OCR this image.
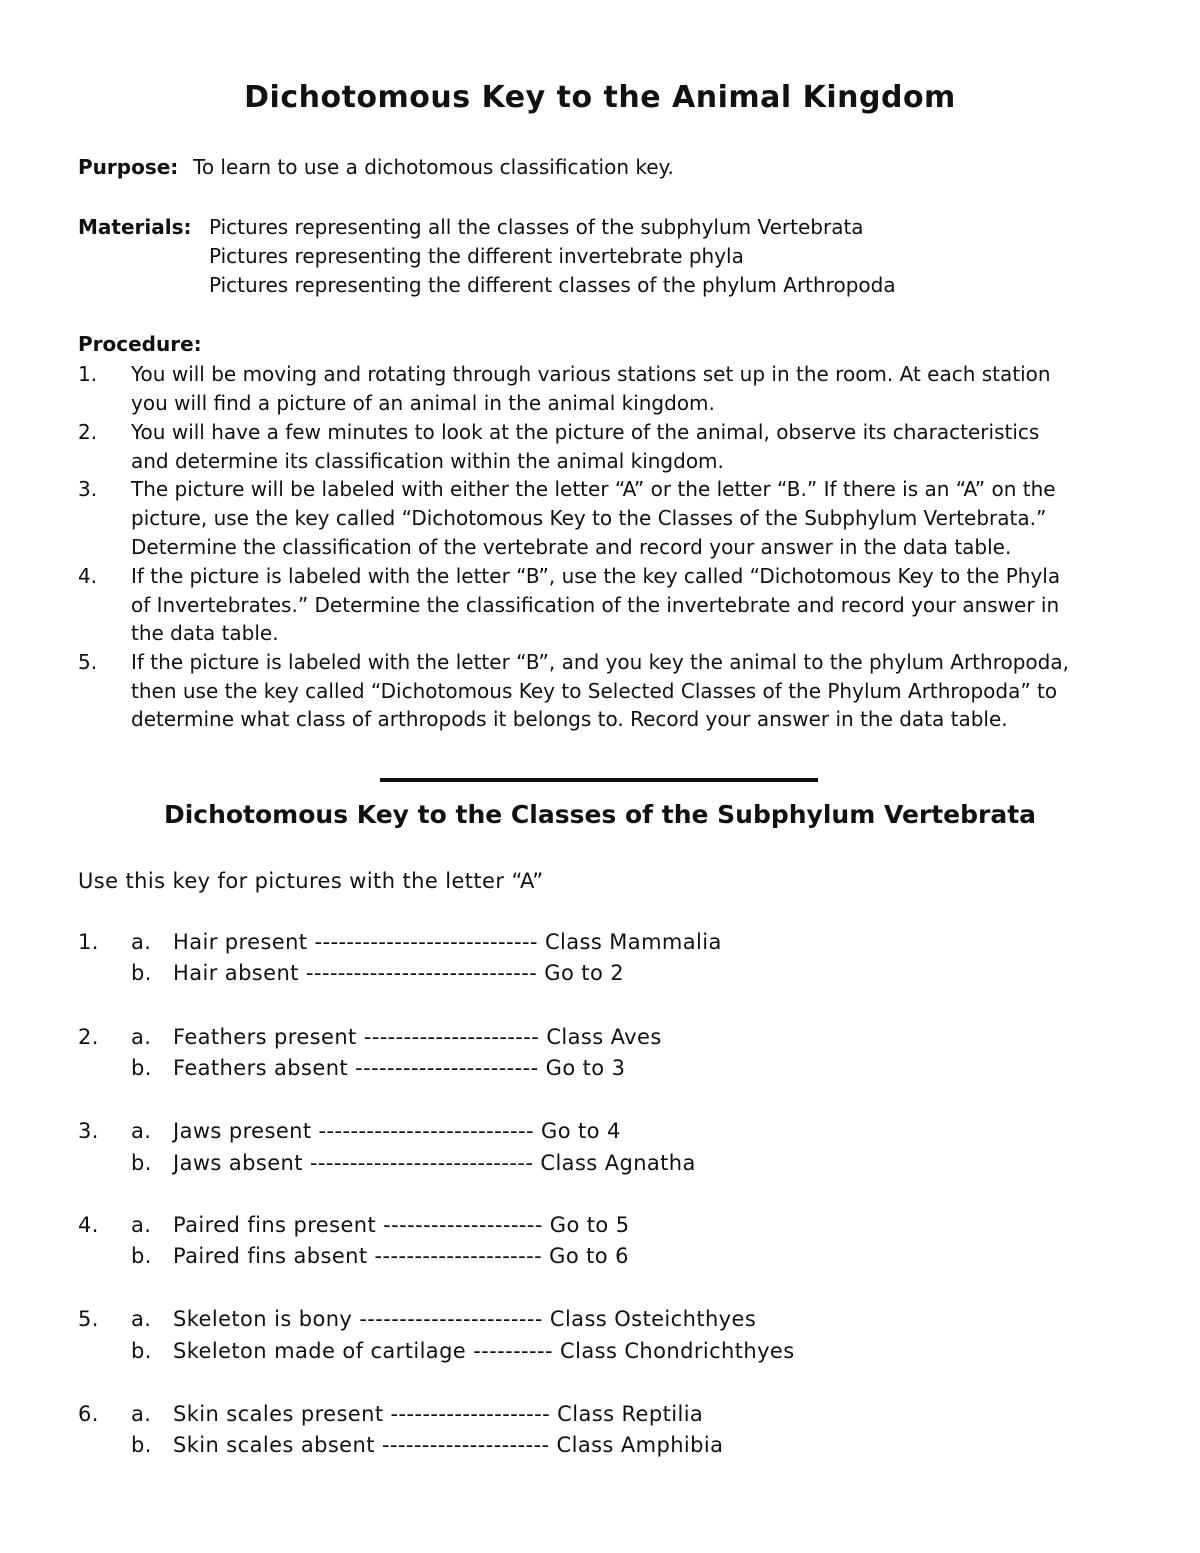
Dichotomous Key to the Animal Kingdom
Purpose: To learn to use a dichotomous classification key.
Materials: Pictures representing all the classes of the subphylum Vertebrata
Pictures representing the different invertebrate phyla
Pictures representing the different classes of the phylum Arthropoda
Procedure:
1. You will be moving and rotating through various stations set up in the room. At each station
you will find a picture of an animal in the animal kingdom.
2. You will have a few minutes to look at the picture of the animal, observe its characteristics
and determine its classification within the animal kingdom.
3. The picture will be labeled with either the letter “A” or the letter “B.” If there is an “A” on the
picture, use the key called “Dichotomous Key to the Classes of the Subphylum Vertebrata.”
Determine the classification of the vertebrate and record your answer in the data table.
4. If the picture is labeled with the letter “B”, use the key called “Dichotomous Key to the Phyla
of Invertebrates.” Determine the classification of the invertebrate and record your answer in
the data table.
5. If the picture is labeled with the letter “B”, and you key the animal to the phylum Arthropoda,
then use the key called “Dichotomous Key to Selected Classes of the Phylum Arthropoda” to
determine what class of arthropods it belongs to. Record your answer in the data table.
Dichotomous Key to the Classes of the Subphylum Vertebrata
Use this key for pictures with the letter “A”
1. a. Hair present ---------------------------- Class Mammalia
b. Hair absent ----------------------------- Go to 2
2. a. Feathers present ---------------------- Class Aves
b. Feathers absent ----------------------- Go to 3
3. a. Jaws present --------------------------- Go to 4
b. Jaws absent ---------------------------- Class Agnatha
4. a. Paired fins present -------------------- Go to 5
b. Paired fins absent --------------------- Go to 6
5. a. Skeleton is bony ----------------------- Class Osteichthyes
b. Skeleton made of cartilage ---------- Class Chondrichthyes
6. a. Skin scales present -------------------- Class Reptilia
b. Skin scales absent --------------------- Class Amphibia
